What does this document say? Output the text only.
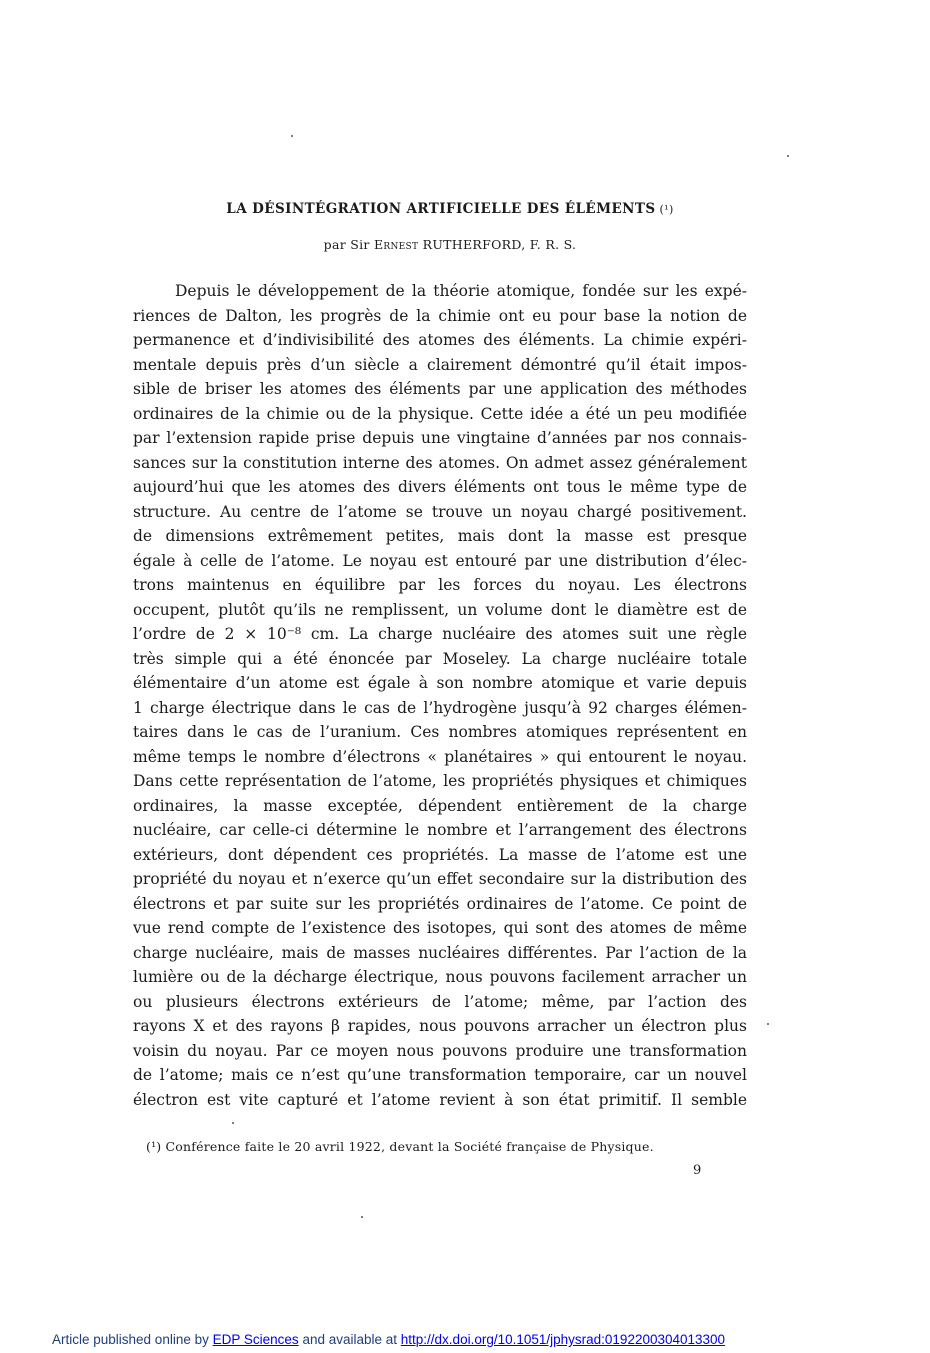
LA DÉSINTÉGRATION ARTIFICIELLE DES ÉLÉMENTS (¹)
par Sir Ernest RUTHERFORD, F. R. S.
Depuis le développement de la théorie atomique, fondée sur les expé-
riences de Dalton, les progrès de la chimie ont eu pour base la notion de
permanence et d’indivisibilité des atomes des éléments. La chimie expéri-
mentale depuis près d’un siècle a clairement démontré qu’il était impos-
sible de briser les atomes des éléments par une application des méthodes
ordinaires de la chimie ou de la physique. Cette idée a été un peu modifiée
par l’extension rapide prise depuis une vingtaine d’années par nos connais-
sances sur la constitution interne des atomes. On admet assez généralement
aujourd’hui que les atomes des divers éléments ont tous le même type de
structure. Au centre de l’atome se trouve un noyau chargé positivement.
de dimensions extrêmement petites, mais dont la masse est presque
égale à celle de l’atome. Le noyau est entouré par une distribution d’élec-
trons maintenus en équilibre par les forces du noyau. Les électrons
occupent, plutôt qu’ils ne remplissent, un volume dont le diamètre est de
l’ordre de 2 × 10⁻⁸ cm. La charge nucléaire des atomes suit une règle
très simple qui a été énoncée par Moseley. La charge nucléaire totale
élémentaire d’un atome est égale à son nombre atomique et varie depuis
1 charge électrique dans le cas de l’hydrogène jusqu’à 92 charges élémen-
taires dans le cas de l’uranium. Ces nombres atomiques représentent en
même temps le nombre d’électrons « planétaires » qui entourent le noyau.
Dans cette représentation de l’atome, les propriétés physiques et chimiques
ordinaires, la masse exceptée, dépendent entièrement de la charge
nucléaire, car celle-ci détermine le nombre et l’arrangement des électrons
extérieurs, dont dépendent ces propriétés. La masse de l’atome est une
propriété du noyau et n’exerce qu’un effet secondaire sur la distribution des
électrons et par suite sur les propriétés ordinaires de l’atome. Ce point de
vue rend compte de l’existence des isotopes, qui sont des atomes de même
charge nucléaire, mais de masses nucléaires différentes. Par l’action de la
lumière ou de la décharge électrique, nous pouvons facilement arracher un
ou plusieurs électrons extérieurs de l’atome; même, par l’action des
rayons X et des rayons β rapides, nous pouvons arracher un électron plus
voisin du noyau. Par ce moyen nous pouvons produire une transformation
de l’atome; mais ce n’est qu’une transformation temporaire, car un nouvel
électron est vite capturé et l’atome revient à son état primitif. Il semble
(¹) Conférence faite le 20 avril 1922, devant la Société française de Physique.
9
Article published online by EDP Sciences and available at http://dx.doi.org/10.1051/jphysrad:0192200304013300
